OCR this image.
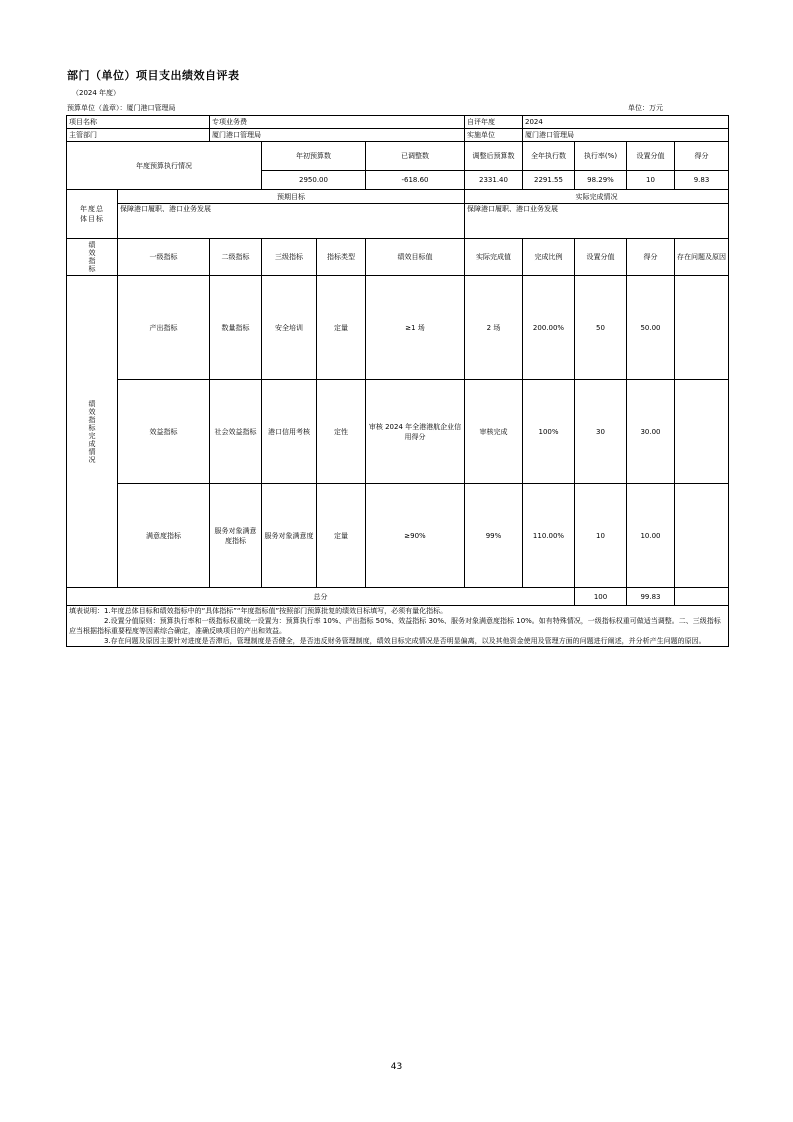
部门（单位）项目支出绩效自评表
（2024 年度）
预算单位（盖章）：厦门港口管理局	单位：万元
项目名称		专项业务费				自评年度	2024			
主管部门		厦门港口管理局				实施单位	厦门港口管理局			
年度预算执行情况			年初预算数		已调整数	调整后预算数	全年执行数	执行率(%)	设置分值	得分
			2950.00		-618.60	2331.40	2291.55	98.29%	10	9.83

年度总体目标	预期目标					实际完成情况				
	保障港口履职、港口业务发展					保障港口履职、港口业务发展				

绩效指标	一级指标	二级指标	三级指标	指标类型	绩效目标值	实际完成值	完成比例	设置分值	得分	存在问题及原因

绩效指标完成情况	产出指标	数量指标	安全培训	定量	≥1 场	2 场	200.00%	50	50.00	
	效益指标	社会效益指标	港口信用考核	定性	审核 2024 年全港港航企业信用得分	审核完成	100%	30	30.00	
	满意度指标	服务对象满意度指标	服务对象满意度	定量	≥90%	99%	110.00%	10	10.00	
总分								100	99.83	

填表说明：1.年度总体目标和绩效指标中的“具体指标”“年度指标值”按照部门预算批复的绩效目标填写，必须有量化指标。
　　　　　2.设置分值原则：预算执行率和一级指标权重统一设置为：预算执行率 10%、产出指标 50%、效益指标 30%、服务对象满意度指标 10%。如有特殊情况，一级指标权重可做适当调整。二、三级指标应当根据指标重要程度等因素综合确定，准确反映项目的产出和效益。
　　　　　3.存在问题及原因主要针对进度是否滞后，管理制度是否健全，是否违反财务管理制度，绩效目标完成情况是否明显偏离，以及其他资金使用及管理方面的问题进行阐述，并分析产生问题的原因。										
43
